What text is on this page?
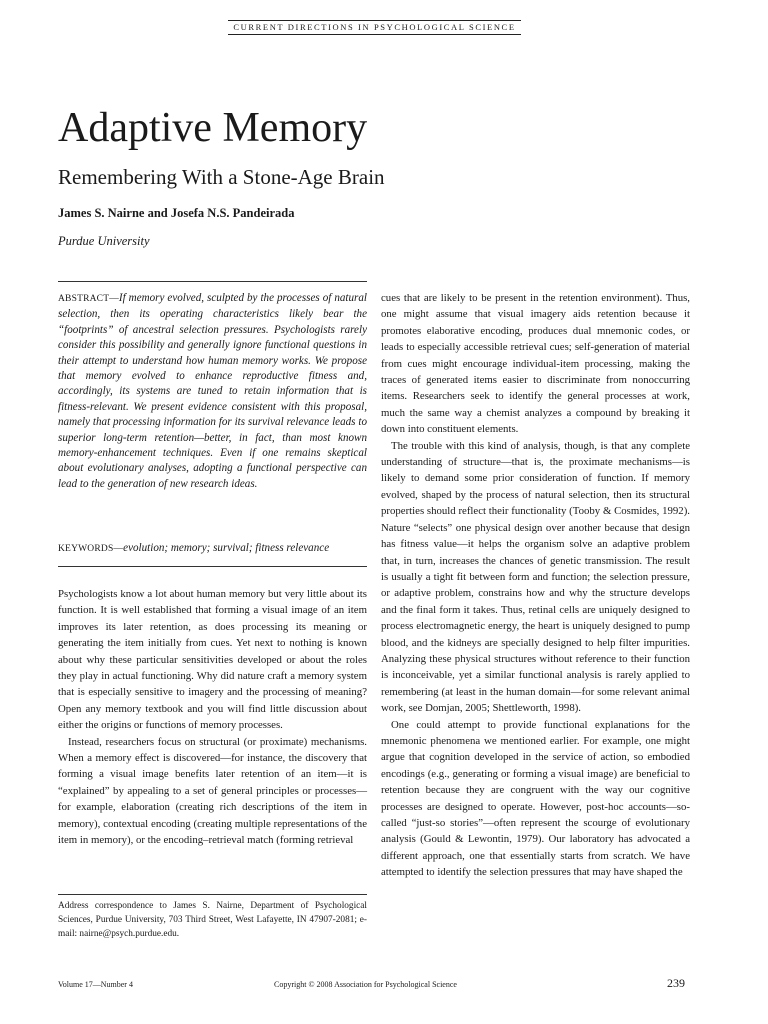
CURRENT DIRECTIONS IN PSYCHOLOGICAL SCIENCE
Adaptive Memory
Remembering With a Stone-Age Brain
James S. Nairne and Josefa N.S. Pandeirada
Purdue University
ABSTRACT—If memory evolved, sculpted by the processes of natural selection, then its operating characteristics likely bear the “footprints” of ancestral selection pressures. Psychologists rarely consider this possibility and generally ignore functional questions in their attempt to understand how human memory works. We propose that memory evolved to enhance reproductive fitness and, accordingly, its systems are tuned to retain information that is fitness-relevant. We present evidence consistent with this proposal, namely that processing information for its survival relevance leads to superior long-term retention—better, in fact, than most known memory-enhancement techniques. Even if one remains skeptical about evolutionary analyses, adopting a functional perspective can lead to the generation of new research ideas.
KEYWORDS—evolution; memory; survival; fitness relevance

Psychologists know a lot about human memory but very little about its function. It is well established that forming a visual image of an item improves its later retention, as does processing its meaning or generating the item initially from cues. Yet next to nothing is known about why these particular sensitivities developed or about the roles they play in actual functioning. Why did nature craft a memory system that is especially sensitive to imagery and the processing of meaning? Open any memory textbook and you will find little discussion about either the origins or functions of memory processes.

Instead, researchers focus on structural (or proximate) mechanisms. When a memory effect is discovered—for instance, the discovery that forming a visual image benefits later retention of an item—it is “explained” by appealing to a set of general principles or processes—for example, elaboration (creating rich descriptions of the item in memory), contextual encoding (creating multiple representations of the item in memory), or the encoding–retrieval match (forming retrieval

cues that are likely to be present in the retention environment). Thus, one might assume that visual imagery aids retention because it promotes elaborative encoding, produces dual mnemonic codes, or leads to especially accessible retrieval cues; self-generation of material from cues might encourage individual-item processing, making the traces of generated items easier to discriminate from nonoccurring items. Researchers seek to identify the general processes at work, much the same way a chemist analyzes a compound by breaking it down into constituent elements.

The trouble with this kind of analysis, though, is that any complete understanding of structure—that is, the proximate mechanisms—is likely to demand some prior consideration of function. If memory evolved, shaped by the process of natural selection, then its structural properties should reflect their functionality (Tooby & Cosmides, 1992). Nature “selects” one physical design over another because that design has fitness value—it helps the organism solve an adaptive problem that, in turn, increases the chances of genetic transmission. The result is usually a tight fit between form and function; the selection pressure, or adaptive problem, constrains how and why the structure develops and the final form it takes. Thus, retinal cells are uniquely designed to process electromagnetic energy, the heart is uniquely designed to pump blood, and the kidneys are specially designed to help filter impurities. Analyzing these physical structures without reference to their function is inconceivable, yet a similar functional analysis is rarely applied to remembering (at least in the human domain—for some relevant animal work, see Domjan, 2005; Shettleworth, 1998).

One could attempt to provide functional explanations for the mnemonic phenomena we mentioned earlier. For example, one might argue that cognition developed in the service of action, so embodied encodings (e.g., generating or forming a visual image) are beneficial to retention because they are congruent with the way our cognitive processes are designed to operate. However, post-hoc accounts—so-called “just-so stories”—often represent the scourge of evolutionary analysis (Gould & Lewontin, 1979). Our laboratory has advocated a different approach, one that essentially starts from scratch. We have attempted to identify the selection pressures that may have shaped the

Address correspondence to James S. Nairne, Department of Psychological Sciences, Purdue University, 703 Third Street, West Lafayette, IN 47907-2081; e-mail: nairne@psych.purdue.edu.
Volume 17—Number 4	Copyright © 2008 Association for Psychological Science	239
